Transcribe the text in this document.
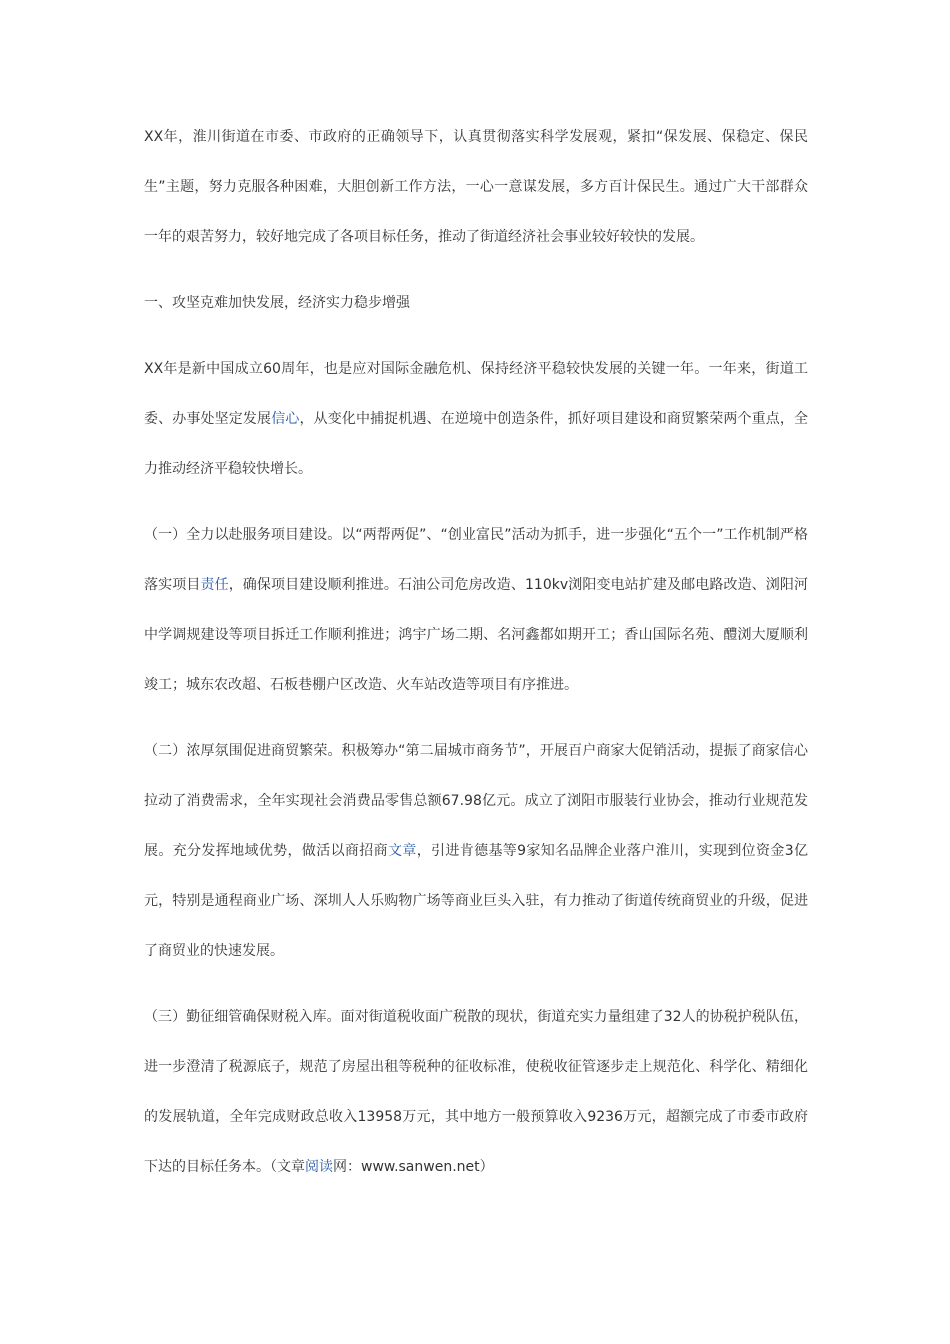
XX年，淮川街道在市委、市政府的正确领导下，认真贯彻落实科学发展观，紧扣“保发展、保稳定、保民生”主题，努力克服各种困难，大胆创新工作方法，一心一意谋发展，多方百计保民生。通过广大干部群众一年的艰苦努力，较好地完成了各项目标任务，推动了街道经济社会事业较好较快的发展。

一、攻坚克难加快发展，经济实力稳步增强

XX年是新中国成立60周年，也是应对国际金融危机、保持经济平稳较快发展的关键一年。一年来，街道工委、办事处坚定发展信心，从变化中捕捉机遇、在逆境中创造条件，抓好项目建设和商贸繁荣两个重点，全力推动经济平稳较快增长。

（一）全力以赴服务项目建设。以“两帮两促”、“创业富民”活动为抓手，进一步强化“五个一”工作机制严格落实项目责任，确保项目建设顺利推进。石油公司危房改造、110kv浏阳变电站扩建及邮电路改造、浏阳河中学调规建设等项目拆迁工作顺利推进；鸿宇广场二期、名河鑫都如期开工；香山国际名苑、醴浏大厦顺利竣工；城东农改超、石板巷棚户区改造、火车站改造等项目有序推进。

（二）浓厚氛围促进商贸繁荣。积极筹办“第二届城市商务节”，开展百户商家大促销活动，提振了商家信心拉动了消费需求，全年实现社会消费品零售总额67.98亿元。成立了浏阳市服装行业协会，推动行业规范发展。充分发挥地域优势，做活以商招商文章，引进肯德基等9家知名品牌企业落户淮川，实现到位资金3亿元，特别是通程商业广场、深圳人人乐购物广场等商业巨头入驻，有力推动了街道传统商贸业的升级，促进了商贸业的快速发展。

（三）勤征细管确保财税入库。面对街道税收面广税散的现状，街道充实力量组建了32人的协税护税队伍，进一步澄清了税源底子，规范了房屋出租等税种的征收标准，使税收征管逐步走上规范化、科学化、精细化的发展轨道，全年完成财政总收入13958万元，其中地方一般预算收入9236万元，超额完成了市委市政府下达的目标任务本。（文章阅读网：www.sanwen.net）
